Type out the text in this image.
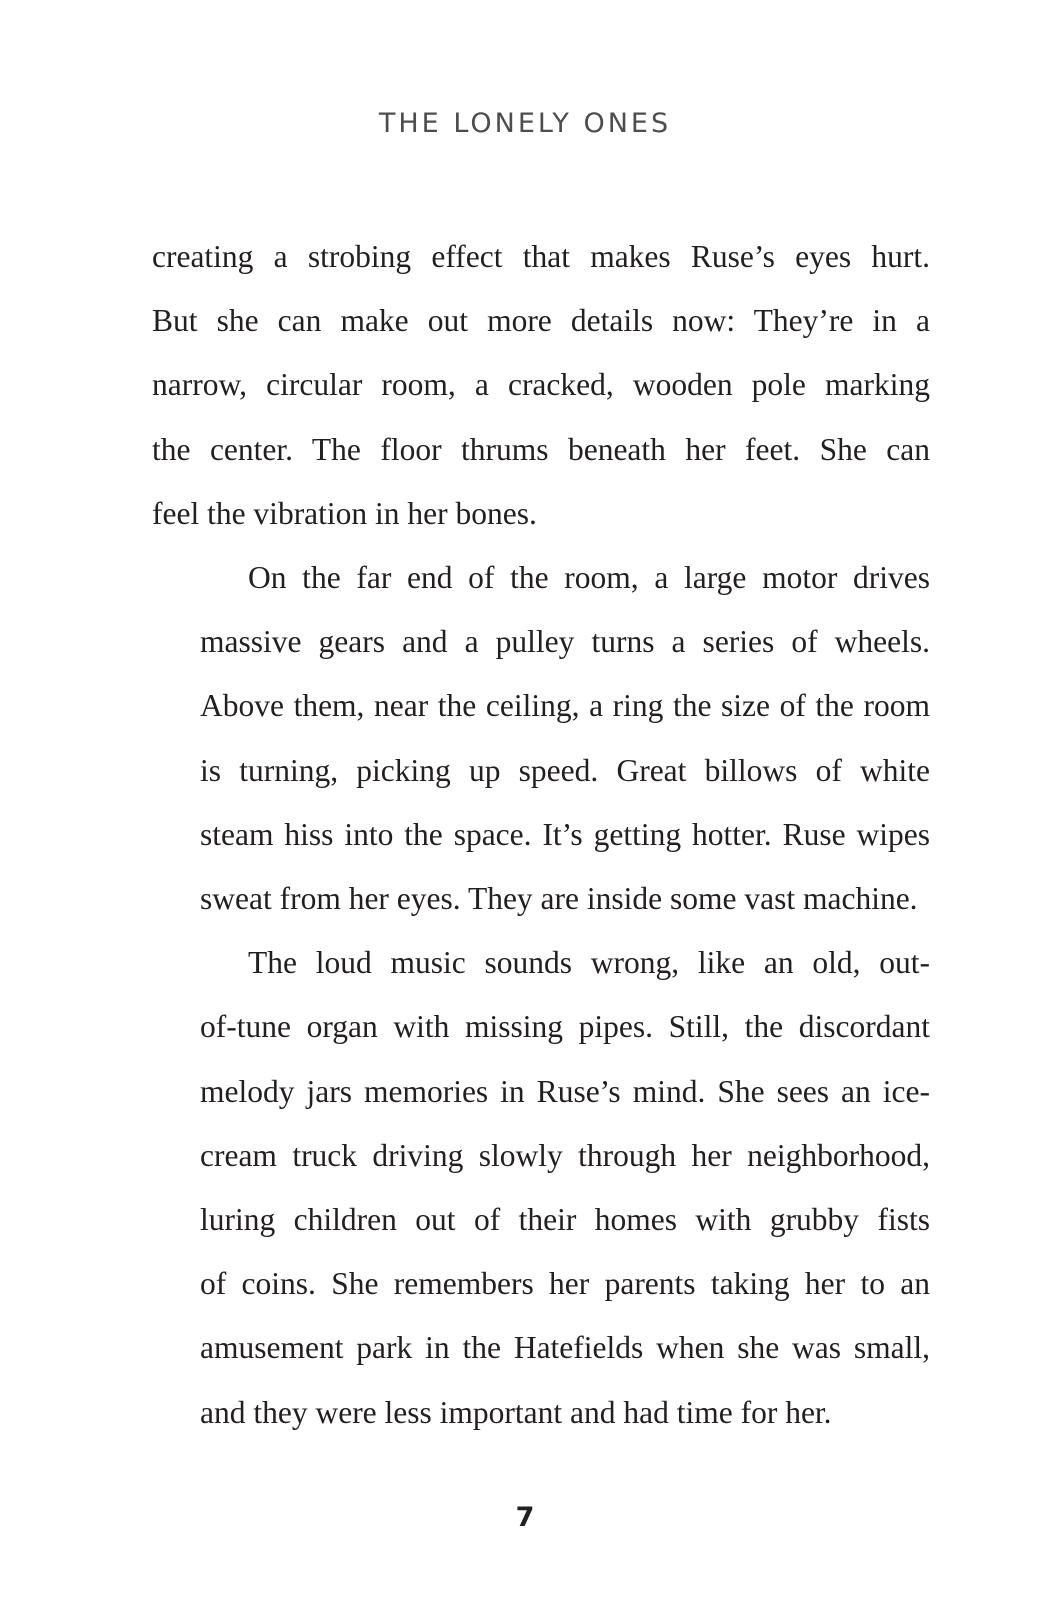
THE LONELY ONES

creating a strobing effect that makes Ruse’s eyes hurt.
But she can make out more details now: They’re in a
narrow, circular room, a cracked, wooden pole marking
the center. The floor thrums beneath her feet. She can
feel the vibration in her bones.

On the far end of the room, a large motor drives
massive gears and a pulley turns a series of wheels.
Above them, near the ceiling, a ring the size of the room
is turning, picking up speed. Great billows of white
steam hiss into the space. It’s getting hotter. Ruse wipes
sweat from her eyes. They are inside some vast machine.

The loud music sounds wrong, like an old, out-
of-tune organ with missing pipes. Still, the discordant
melody jars memories in Ruse’s mind. She sees an ice-
cream truck driving slowly through her neighborhood,
luring children out of their homes with grubby fists
of coins. She remembers her parents taking her to an
amusement park in the Hatefields when she was small,
and they were less important and had time for her.

7
